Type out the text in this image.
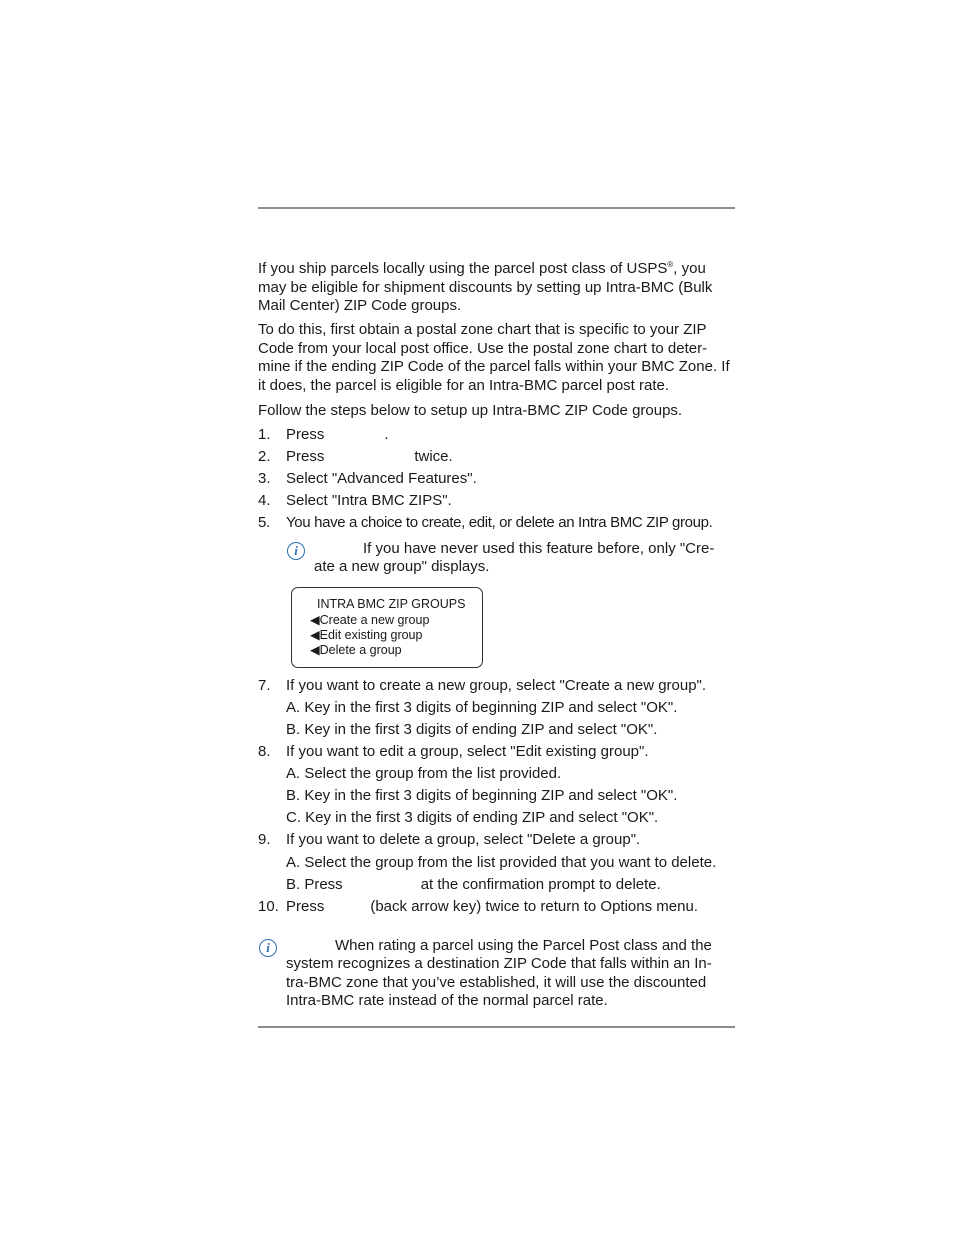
If you ship parcels locally using the parcel post class of USPS®, you may be eligible for shipment discounts by setting up Intra-BMC (Bulk Mail Center) ZIP Code groups.
To do this, first obtain a postal zone chart that is specific to your ZIP Code from your local post office. Use the postal zone chart to deter-mine if the ending ZIP Code of the parcel falls within your BMC Zone. If it does, the parcel is eligible for an Intra-BMC parcel post rate.
Follow the steps below to setup up Intra-BMC ZIP Code groups.
1. Press	.
2. Press	twice.
3. Select "Advanced Features".
4. Select "Intra BMC ZIPS".
5. You have a choice to create, edit, or delete an Intra BMC ZIP group.
i	If you have never used this feature before, only "Cre-
ate a new group" displays.
INTRA BMC ZIP GROUPS
◀Create a new group
◀Edit existing group
◀Delete a group
7. If you want to create a new group, select "Create a new group".
A. Key in the first 3 digits of beginning ZIP and select "OK".
B. Key in the first 3 digits of ending ZIP and select "OK".
8. If you want to edit a group, select "Edit existing group".
A. Select the group from the list provided.
B. Key in the first 3 digits of beginning ZIP and select "OK".
C. Key in the first 3 digits of ending ZIP and select "OK".
9. If you want to delete a group, select "Delete a group".
A. Select the group from the list provided that you want to delete.
B. Press	at the confirmation prompt to delete.
10. Press	(back arrow key) twice to return to Options menu.
i	When rating a parcel using the Parcel Post class and the
system recognizes a destination ZIP Code that falls within an In-tra-BMC zone that you’ve established, it will use the discounted Intra-BMC rate instead of the normal parcel rate.
